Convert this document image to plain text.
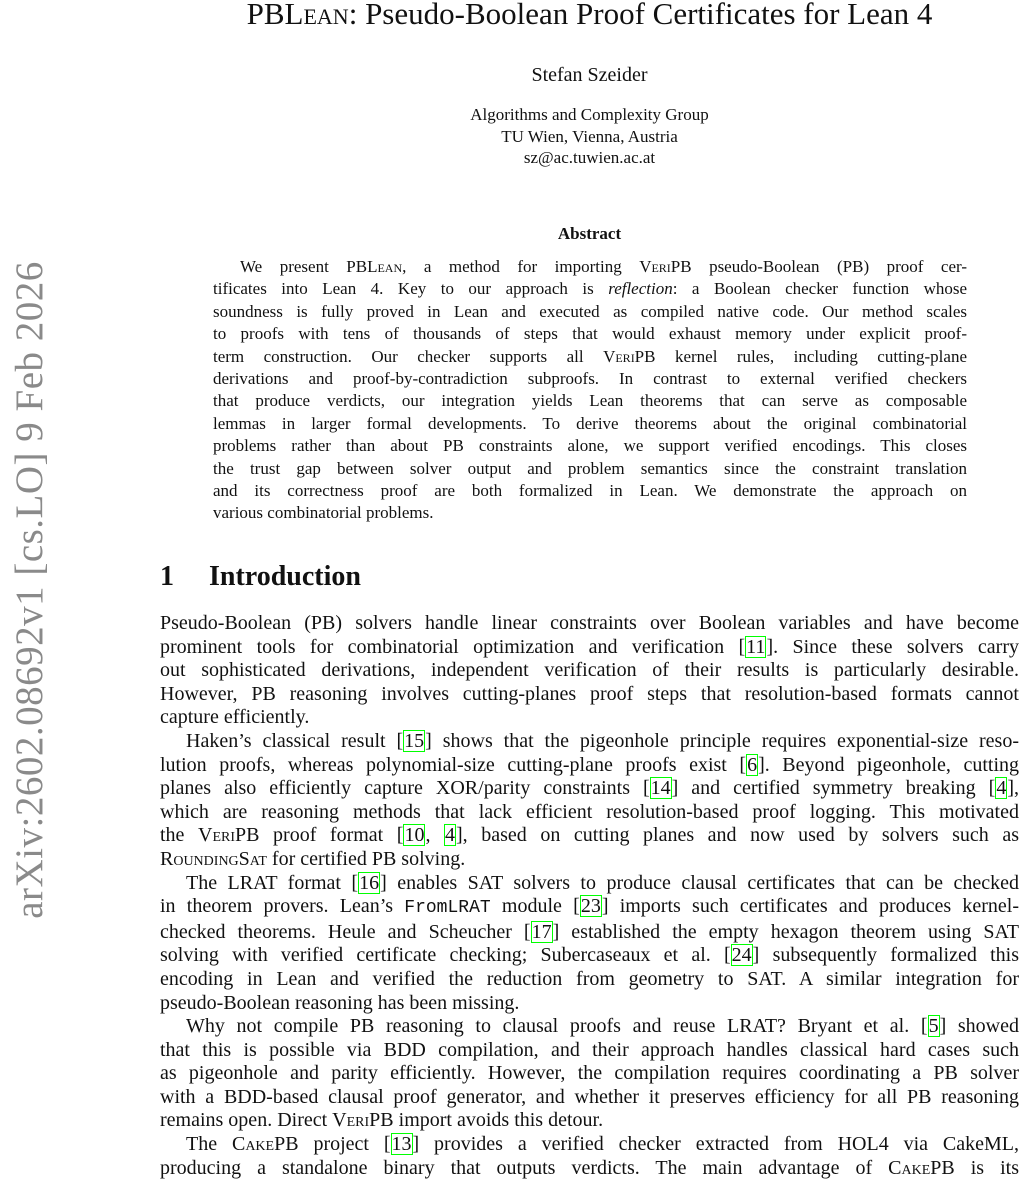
arXiv:2602.08692v1 [cs.LO] 9 Feb 2026
PBLean: Pseudo-Boolean Proof Certificates for Lean 4
Stefan Szeider
Algorithms and Complexity Group
TU Wien, Vienna, Austria
sz@ac.tuwien.ac.at
Abstract
We present PBLean, a method for importing VeriPB pseudo-Boolean (PB) proof cer-
tificates into Lean 4. Key to our approach is reflection: a Boolean checker function whose
soundness is fully proved in Lean and executed as compiled native code. Our method scales
to proofs with tens of thousands of steps that would exhaust memory under explicit proof-
term construction. Our checker supports all VeriPB kernel rules, including cutting-plane
derivations and proof-by-contradiction subproofs. In contrast to external verified checkers
that produce verdicts, our integration yields Lean theorems that can serve as composable
lemmas in larger formal developments. To derive theorems about the original combinatorial
problems rather than about PB constraints alone, we support verified encodings. This closes
the trust gap between solver output and problem semantics since the constraint translation
and its correctness proof are both formalized in Lean. We demonstrate the approach on
various combinatorial problems.
1 Introduction
Pseudo-Boolean (PB) solvers handle linear constraints over Boolean variables and have become
prominent tools for combinatorial optimization and verification [11]. Since these solvers carry
out sophisticated derivations, independent verification of their results is particularly desirable.
However, PB reasoning involves cutting-planes proof steps that resolution-based formats cannot
capture efficiently.
Haken’s classical result [15] shows that the pigeonhole principle requires exponential-size reso-
lution proofs, whereas polynomial-size cutting-plane proofs exist [6]. Beyond pigeonhole, cutting
planes also efficiently capture XOR/parity constraints [14] and certified symmetry breaking [4],
which are reasoning methods that lack efficient resolution-based proof logging. This motivated
the VeriPB proof format [10, 4], based on cutting planes and now used by solvers such as
RoundingSat for certified PB solving.
The LRAT format [16] enables SAT solvers to produce clausal certificates that can be checked
in theorem provers. Lean’s FromLRAT module [23] imports such certificates and produces kernel-
checked theorems. Heule and Scheucher [17] established the empty hexagon theorem using SAT
solving with verified certificate checking; Subercaseaux et al. [24] subsequently formalized this
encoding in Lean and verified the reduction from geometry to SAT. A similar integration for
pseudo-Boolean reasoning has been missing.
Why not compile PB reasoning to clausal proofs and reuse LRAT? Bryant et al. [5] showed
that this is possible via BDD compilation, and their approach handles classical hard cases such
as pigeonhole and parity efficiently. However, the compilation requires coordinating a PB solver
with a BDD-based clausal proof generator, and whether it preserves efficiency for all PB reasoning
remains open. Direct VeriPB import avoids this detour.
The CakePB project [13] provides a verified checker extracted from HOL4 via CakeML,
producing a standalone binary that outputs verdicts. The main advantage of CakePB is its
